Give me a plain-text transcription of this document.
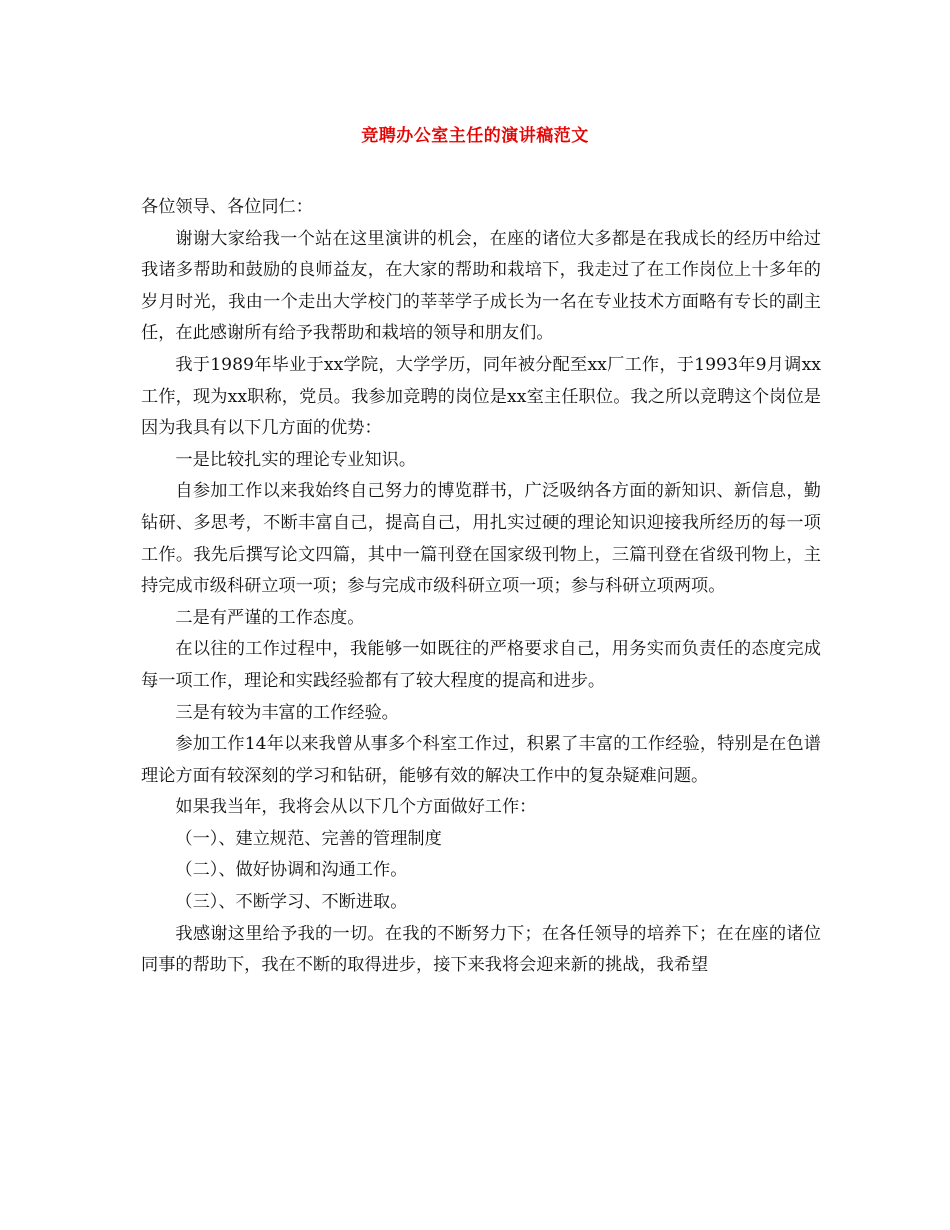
竞聘办公室主任的演讲稿范文

各位领导、各位同仁：

谢谢大家给我一个站在这里演讲的机会，在座的诸位大多都是在我成长的经历中给过我诸多帮助和鼓励的良师益友，在大家的帮助和栽培下，我走过了在工作岗位上十多年的岁月时光，我由一个走出大学校门的莘莘学子成长为一名在专业技术方面略有专长的副主任，在此感谢所有给予我帮助和栽培的领导和朋友们。

我于1989年毕业于xx学院，大学学历，同年被分配至xx厂工作，于1993年9月调xx工作，现为xx职称，党员。我参加竞聘的岗位是xx室主任职位。我之所以竞聘这个岗位是因为我具有以下几方面的优势：

一是比较扎实的理论专业知识。

自参加工作以来我始终自己努力的博览群书，广泛吸纳各方面的新知识、新信息，勤钻研、多思考，不断丰富自己，提高自己，用扎实过硬的理论知识迎接我所经历的每一项工作。我先后撰写论文四篇，其中一篇刊登在国家级刊物上，三篇刊登在省级刊物上，主持完成市级科研立项一项；参与完成市级科研立项一项；参与科研立项两项。

二是有严谨的工作态度。

在以往的工作过程中，我能够一如既往的严格要求自己，用务实而负责任的态度完成每一项工作，理论和实践经验都有了较大程度的提高和进步。

三是有较为丰富的工作经验。

参加工作14年以来我曾从事多个科室工作过，积累了丰富的工作经验，特别是在色谱理论方面有较深刻的学习和钻研，能够有效的解决工作中的复杂疑难问题。

如果我当年，我将会从以下几个方面做好工作：

（一）、建立规范、完善的管理制度

（二）、做好协调和沟通工作。

（三）、不断学习、不断进取。

我感谢这里给予我的一切。在我的不断努力下；在各任领导的培养下；在在座的诸位同事的帮助下，我在不断的取得进步，接下来我将会迎来新的挑战，我希望
